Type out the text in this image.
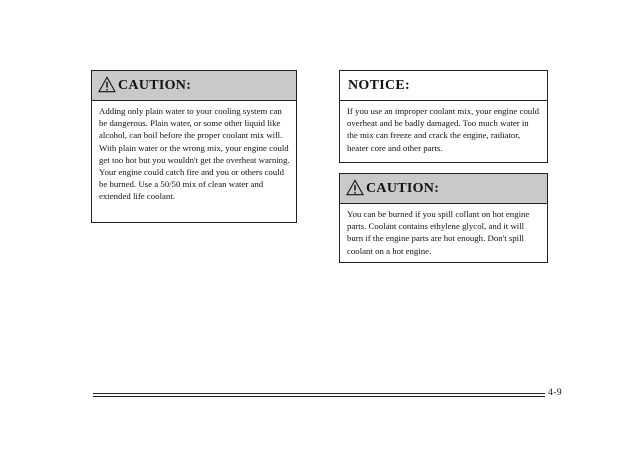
CAUTION:

Adding only plain water to your cooling system can be dangerous. Plain water, or some other liquid like alcohol, can boil before the proper coolant mix will. With plain water or the wrong mix, your engine could get too hot but you wouldn't get the overheat warning. Your engine could catch fire and you or others could be burned. Use a 50/50 mix of clean water and extended life coolant.

NOTICE:

If you use an improper coolant mix, your engine could overheat and be badly damaged. Too much water in the mix can freeze and crack the engine, radiator, heater core and other parts.

CAUTION:

You can be burned if you spill collant on hot engine parts. Coolant contains ethylene glycol, and it will burn if the engine parts are hot enough. Don't spill coolant on a hot engine.

4-9
